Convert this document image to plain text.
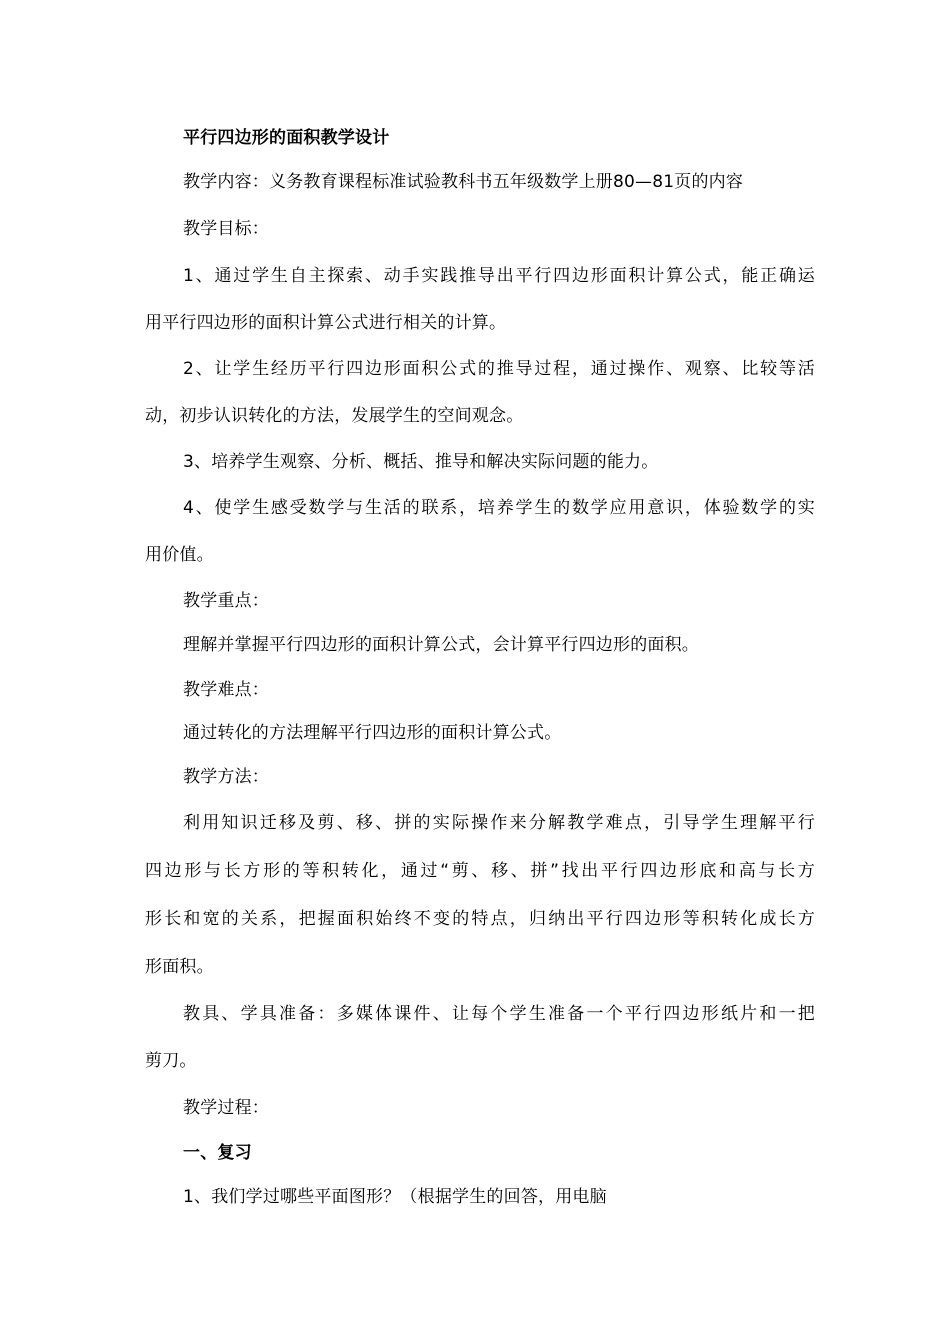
平行四边形的面积教学设计
教学内容：义务教育课程标准试验教科书五年级数学上册80—81页的内容
教学目标：
1、通过学生自主探索、动手实践推导出平行四边形面积计算公式，能正确运
用平行四边形的面积计算公式进行相关的计算。
2、让学生经历平行四边形面积公式的推导过程，通过操作、观察、比较等活
动，初步认识转化的方法，发展学生的空间观念。
3、培养学生观察、分析、概括、推导和解决实际问题的能力。
4、使学生感受数学与生活的联系，培养学生的数学应用意识，体验数学的实
用价值。
教学重点：
理解并掌握平行四边形的面积计算公式，会计算平行四边形的面积。
教学难点：
通过转化的方法理解平行四边形的面积计算公式。
教学方法：
利用知识迁移及剪、移、拼的实际操作来分解教学难点，引导学生理解平行
四边形与长方形的等积转化，通过“剪、移、拼”找出平行四边形底和高与长方
形长和宽的关系，把握面积始终不变的特点，归纳出平行四边形等积转化成长方
形面积。
教具、学具准备：多媒体课件、让每个学生准备一个平行四边形纸片和一把
剪刀。
教学过程：
一、复习
1、我们学过哪些平面图形？（根据学生的回答，用电脑
